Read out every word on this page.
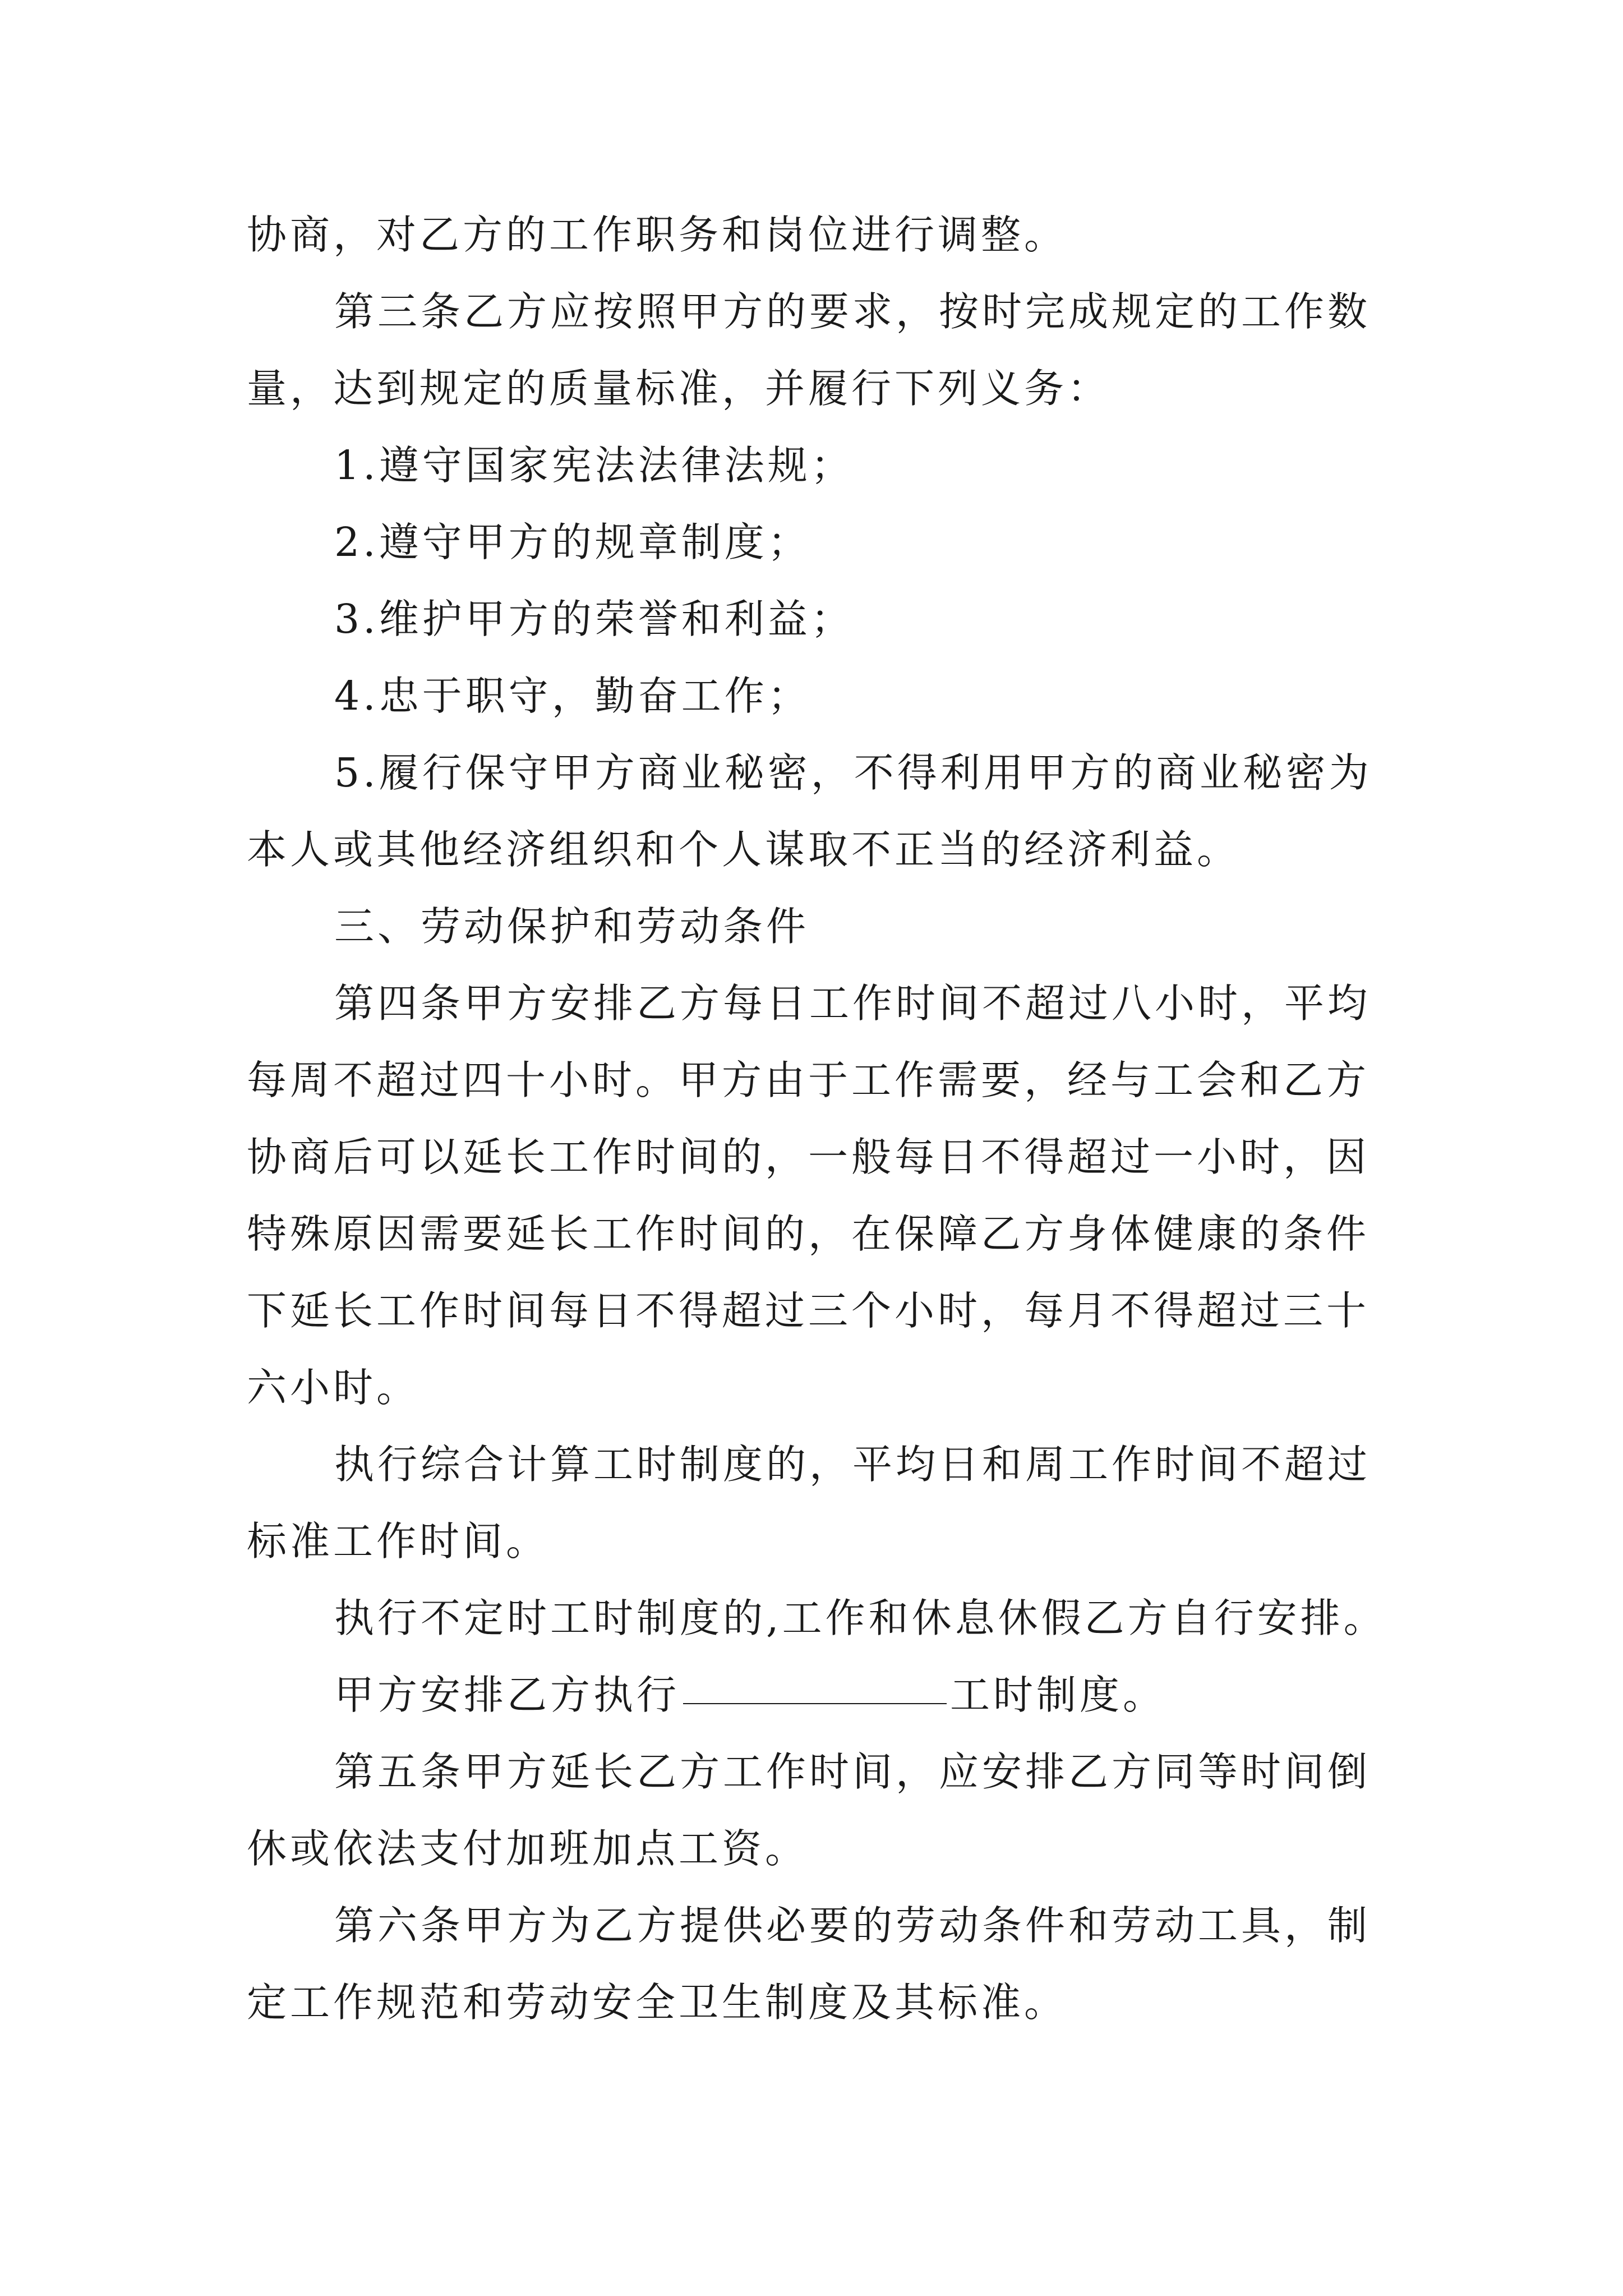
协商，对乙方的工作职务和岗位进行调整。

第三条乙方应按照甲方的要求，按时完成规定的工作数量，达到规定的质量标准，并履行下列义务：

1.遵守国家宪法法律法规；

2.遵守甲方的规章制度；

3.维护甲方的荣誉和利益；

4.忠于职守，勤奋工作；

5.履行保守甲方商业秘密，不得利用甲方的商业秘密为本人或其他经济组织和个人谋取不正当的经济利益。

三、劳动保护和劳动条件

第四条甲方安排乙方每日工作时间不超过八小时，平均每周不超过四十小时。甲方由于工作需要，经与工会和乙方协商后可以延长工作时间的，一般每日不得超过一小时，因特殊原因需要延长工作时间的，在保障乙方身体健康的条件下延长工作时间每日不得超过三个小时，每月不得超过三十六小时。

执行综合计算工时制度的，平均日和周工作时间不超过标准工作时间。

执行不定时工时制度的,工作和休息休假乙方自行安排。

甲方安排乙方执行	工时制度。

第五条甲方延长乙方工作时间，应安排乙方同等时间倒休或依法支付加班加点工资。

第六条甲方为乙方提供必要的劳动条件和劳动工具，制定工作规范和劳动安全卫生制度及其标准。
